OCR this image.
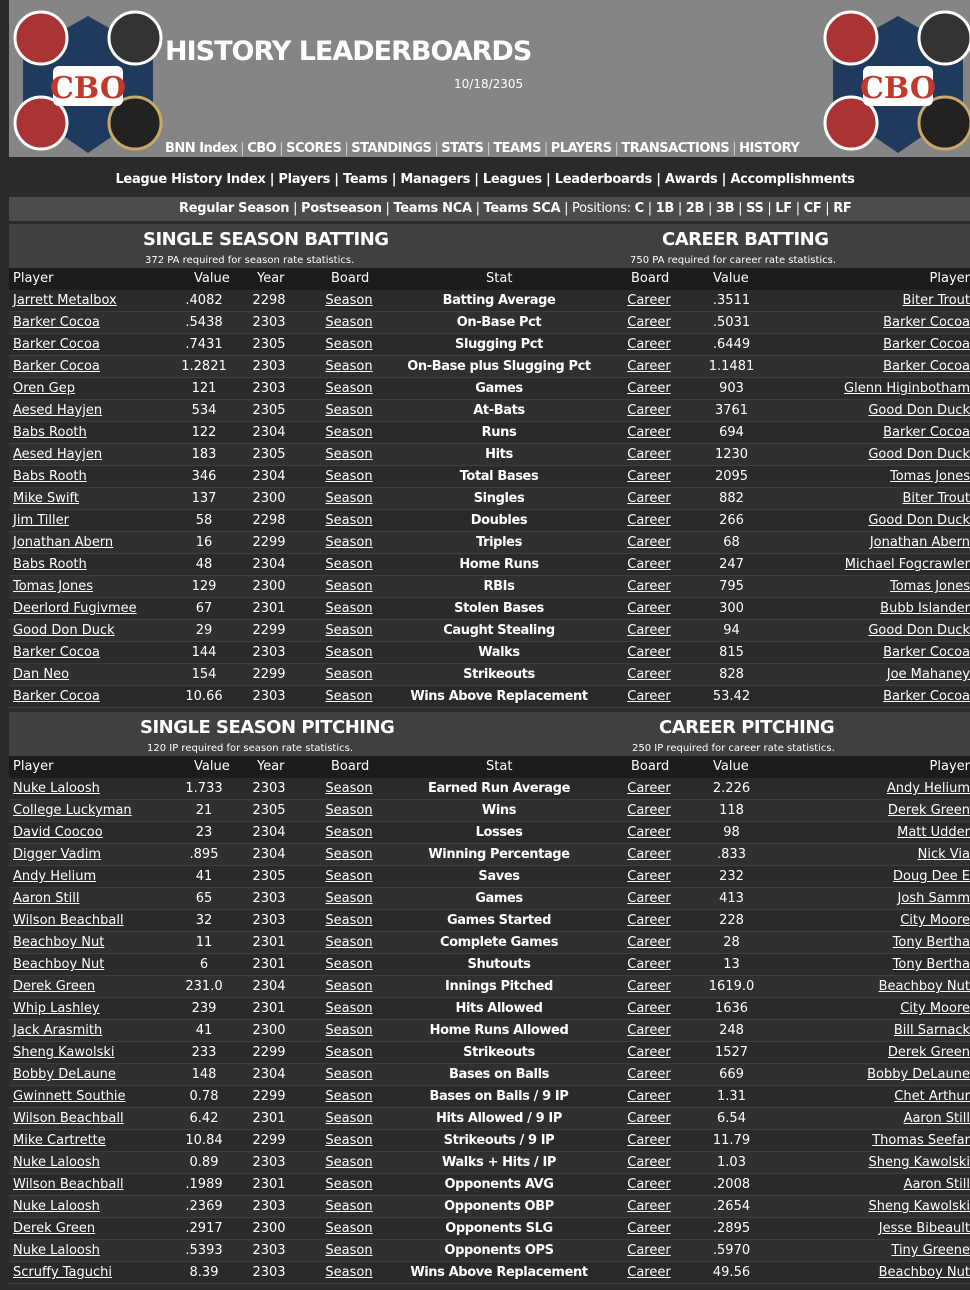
CBO
HISTORY LEADERBOARDS
10/18/2305
BNN Index | CBO | SCORES | STANDINGS | STATS | TEAMS | PLAYERS | TRANSACTIONS | HISTORY
CBO
League History Index | Players | Teams | Managers | Leagues | Leaderboards | Awards | Accomplishments
Regular Season | Postseason | Teams NCA | Teams SCA | Positions: C | 1B | 2B | 3B | SS | LF | CF | RF
SINGLE SEASON BATTING
372 PA required for season rate statistics.
CAREER BATTING
750 PA required for career rate statistics.
Player	Value Year	Board	Stat	Board	Value	Player
Jarrett Metalbox	.4082	2298	Season	Batting Average	Career	.3511	Biter Trout
Barker Cocoa	.5438	2303	Season	On-Base Pct	Career	.5031	Barker Cocoa
Barker Cocoa	.7431	2305	Season	Slugging Pct	Career	.6449	Barker Cocoa
Barker Cocoa	1.2821	2303	Season	On-Base plus Slugging Pct	Career	1.1481	Barker Cocoa
Oren Gep	121	2303	Season	Games	Career	903	Glenn Higinbotham
Aesed Hayjen	534	2305	Season	At-Bats	Career	3761	Good Don Duck
Babs Rooth	122	2304	Season	Runs	Career	694	Barker Cocoa
Aesed Hayjen	183	2305	Season	Hits	Career	1230	Good Don Duck
Babs Rooth	346	2304	Season	Total Bases	Career	2095	Tomas Jones
Mike Swift	137	2300	Season	Singles	Career	882	Biter Trout
Jim Tiller	58	2298	Season	Doubles	Career	266	Good Don Duck
Jonathan Abern	16	2299	Season	Triples	Career	68	Jonathan Abern
Babs Rooth	48	2304	Season	Home Runs	Career	247	Michael Fogcrawler
Tomas Jones	129	2300	Season	RBIs	Career	795	Tomas Jones
Deerlord Fugivmee	67	2301	Season	Stolen Bases	Career	300	Bubb Islander
Good Don Duck	29	2299	Season	Caught Stealing	Career	94	Good Don Duck
Barker Cocoa	144	2303	Season	Walks	Career	815	Barker Cocoa
Dan Neo	154	2299	Season	Strikeouts	Career	828	Joe Mahaney
Barker Cocoa	10.66	2303	Season	Wins Above Replacement	Career	53.42	Barker Cocoa
SINGLE SEASON PITCHING
120 IP required for season rate statistics.
CAREER PITCHING
250 IP required for career rate statistics.
Player	Value Year	Board	Stat	Board	Value	Player
Nuke Laloosh	1.733	2303	Season	Earned Run Average	Career	2.226	Andy Helium
College Luckyman	21	2305	Season	Wins	Career	118	Derek Green
David Coocoo	23	2304	Season	Losses	Career	98	Matt Udder
Digger Vadim	.895	2304	Season	Winning Percentage	Career	.833	Nick Via
Andy Helium	41	2305	Season	Saves	Career	232	Doug Dee E
Aaron Still	65	2303	Season	Games	Career	413	Josh Samm
Wilson Beachball	32	2303	Season	Games Started	Career	228	City Moore
Beachboy Nut	11	2301	Season	Complete Games	Career	28	Tony Bertha
Beachboy Nut	6	2301	Season	Shutouts	Career	13	Tony Bertha
Derek Green	231.0	2304	Season	Innings Pitched	Career	1619.0	Beachboy Nut
Whip Lashley	239	2301	Season	Hits Allowed	Career	1636	City Moore
Jack Arasmith	41	2300	Season	Home Runs Allowed	Career	248	Bill Sarnack
Sheng Kawolski	233	2299	Season	Strikeouts	Career	1527	Derek Green
Bobby DeLaune	148	2304	Season	Bases on Balls	Career	669	Bobby DeLaune
Gwinnett Southie	0.78	2299	Season	Bases on Balls / 9 IP	Career	1.31	Chet Arthur
Wilson Beachball	6.42	2301	Season	Hits Allowed / 9 IP	Career	6.54	Aaron Still
Mike Cartrette	10.84	2299	Season	Strikeouts / 9 IP	Career	11.79	Thomas Seefar
Nuke Laloosh	0.89	2303	Season	Walks + Hits / IP	Career	1.03	Sheng Kawolski
Wilson Beachball	.1989	2301	Season	Opponents AVG	Career	.2008	Aaron Still
Nuke Laloosh	.2369	2303	Season	Opponents OBP	Career	.2654	Sheng Kawolski
Derek Green	.2917	2300	Season	Opponents SLG	Career	.2895	Jesse Bibeault
Nuke Laloosh	.5393	2303	Season	Opponents OPS	Career	.5970	Tiny Greene
Scruffy Taguchi	8.39	2303	Season	Wins Above Replacement	Career	49.56	Beachboy Nut
